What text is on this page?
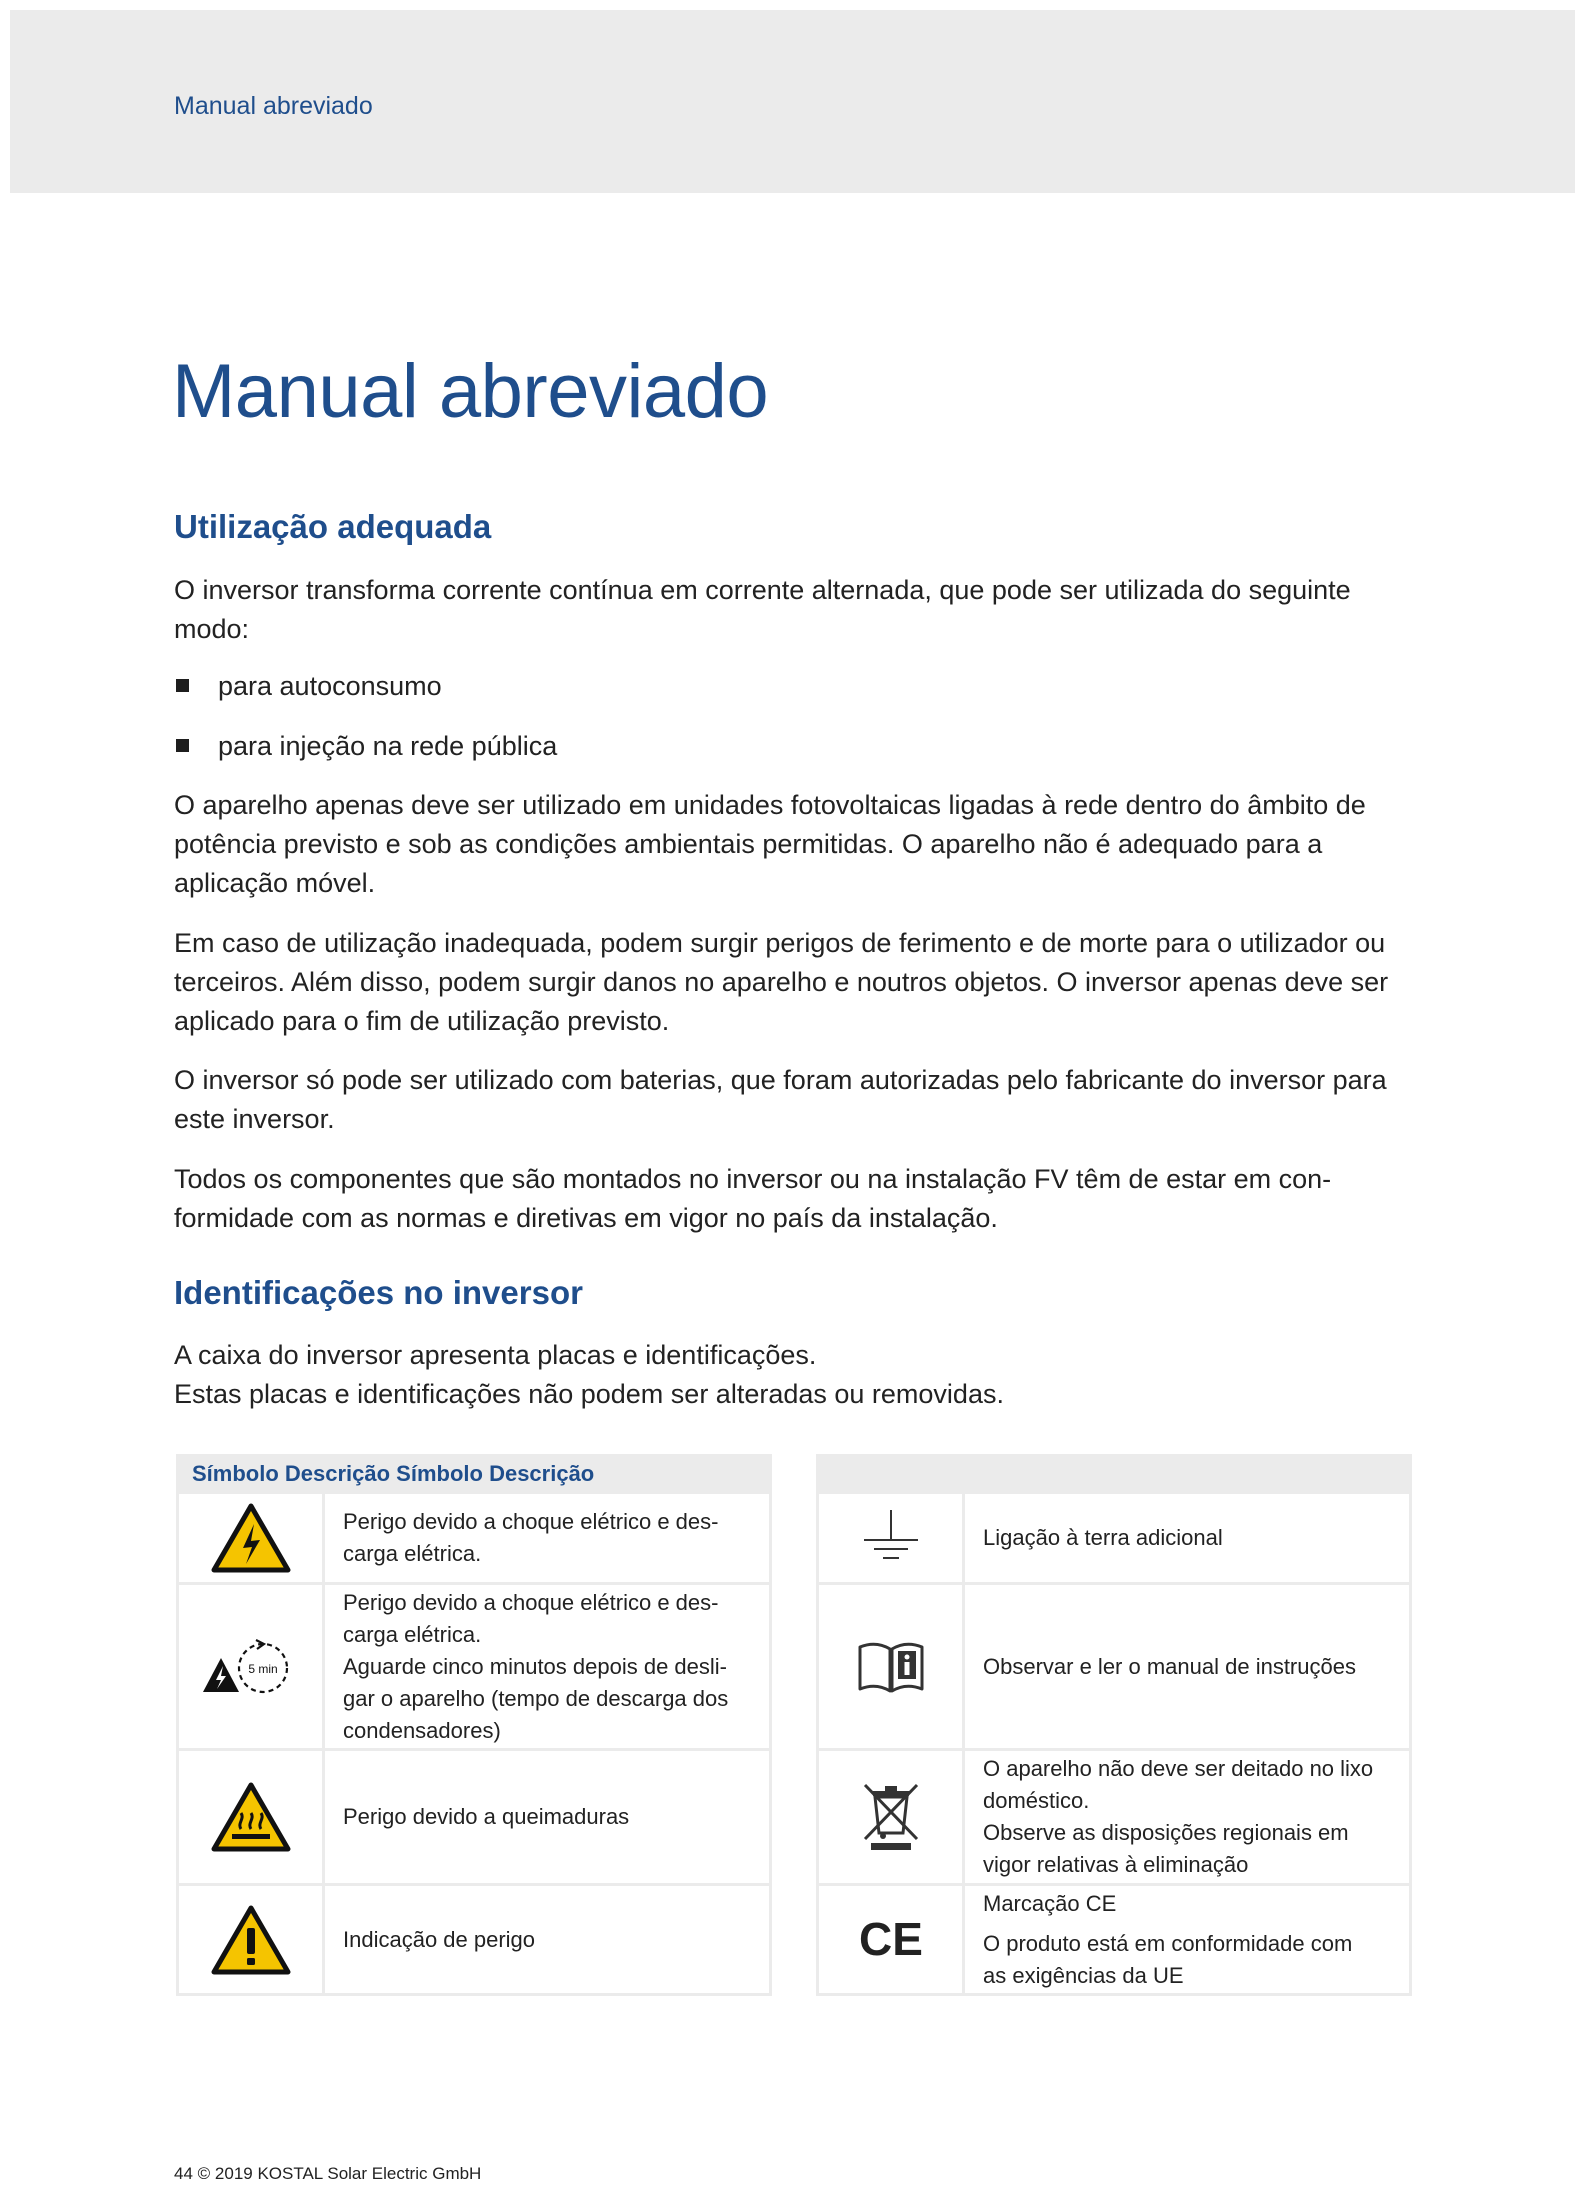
Manual abreviado
Manual abreviado
Utilização adequada

O inversor transforma corrente contínua em corrente alternada, que pode ser utilizada do seguinte modo:

para autoconsumo
para injeção na rede pública

O aparelho apenas deve ser utilizado em unidades fotovoltaicas ligadas à rede dentro do âmbito de potência previsto e sob as condições ambientais permitidas. O aparelho não é adequado para a aplicação móvel.

Em caso de utilização inadequada, podem surgir perigos de ferimento e de morte para o utilizador ou terceiros. Além disso, podem surgir danos no aparelho e noutros objetos. O inversor apenas deve ser aplicado para o fim de utilização previsto.

O inversor só pode ser utilizado com baterias, que foram autorizadas pelo fabricante do inversor para este inversor.

Todos os componentes que são montados no inversor ou na instalação FV têm de estar em con-formidade com as normas e diretivas em vigor no país da instalação.

Identificações no inversor

A caixa do inversor apresenta placas e identificações.
Estas placas e identificações não podem ser alteradas ou removidas.

Símbolo Descrição Símbolo Descrição	

Perigo devido a choque elétrico e des-
carga elétrica.

5 min	Perigo devido a choque elétrico e des-
carga elétrica.
Aguarde cinco minutos depois de desli-
gar o aparelho (tempo de descarga dos
condensadores)

Perigo devido a queimaduras

Indicação de perigo

Ligação à terra adicional

Observar e ler o manual de instruções

O aparelho não deve ser deitado no lixo
doméstico.
Observe as disposições regionais em
vigor relativas à eliminação

CE	Marcação CE
O produto está em conformidade com
as exigências da UE
44 © 2019 KOSTAL Solar Electric GmbH
